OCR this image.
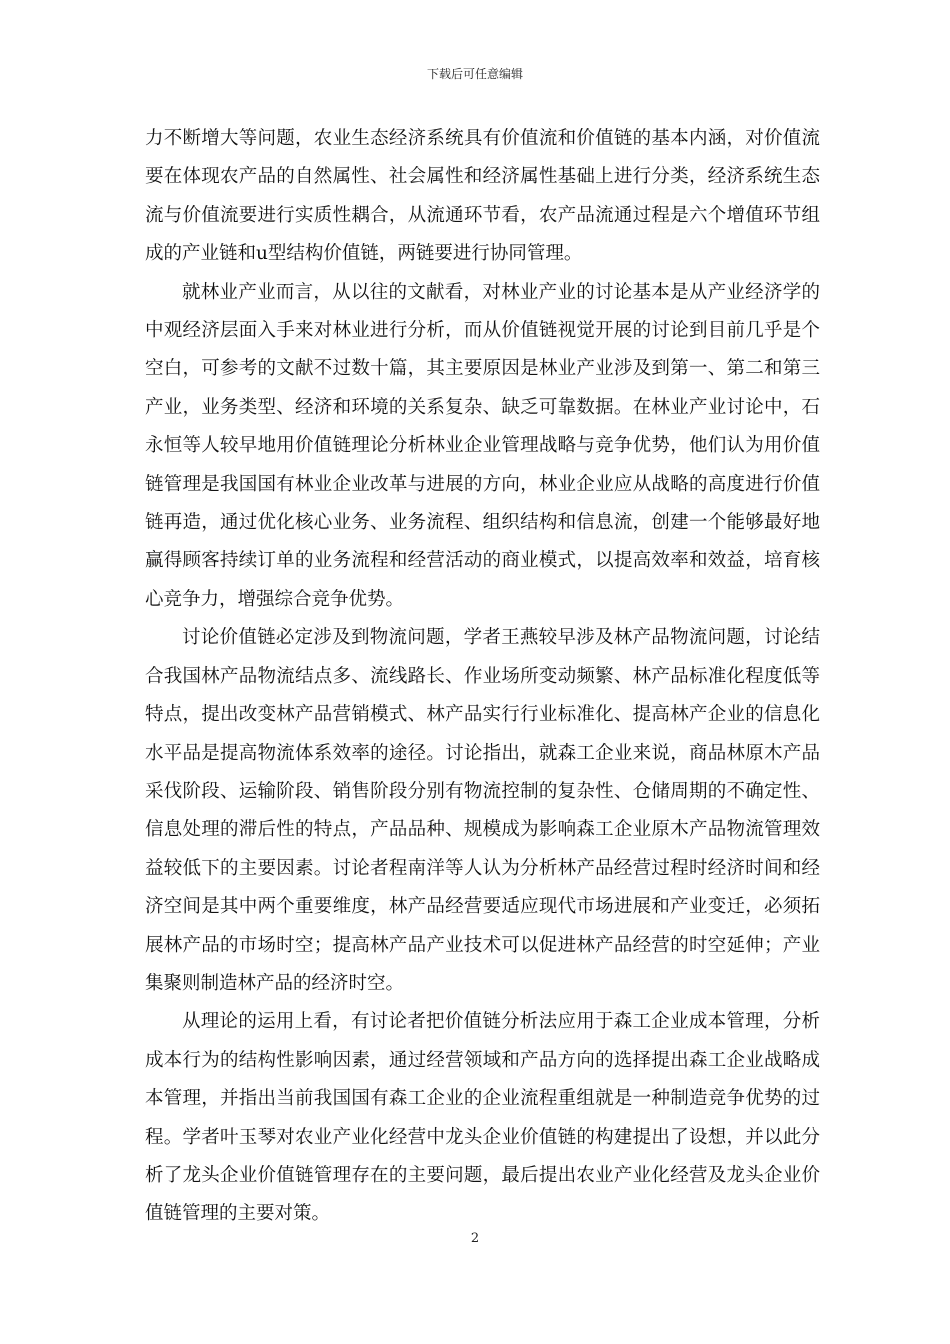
下载后可任意编辑

力不断增大等问题，农业生态经济系统具有价值流和价值链的基本内涵，对价值流要在体现农产品的自然属性、社会属性和经济属性基础上进行分类，经济系统生态流与价值流要进行实质性耦合，从流通环节看，农产品流通过程是六个增值环节组成的产业链和u型结构价值链，两链要进行协同管理。

就林业产业而言，从以往的文献看，对林业产业的讨论基本是从产业经济学的中观经济层面入手来对林业进行分析，而从价值链视觉开展的讨论到目前几乎是个空白，可参考的文献不过数十篇，其主要原因是林业产业涉及到第一、第二和第三产业，业务类型、经济和环境的关系复杂、缺乏可靠数据。在林业产业讨论中，石永恒等人较早地用价值链理论分析林业企业管理战略与竞争优势，他们认为用价值链管理是我国国有林业企业改革与进展的方向，林业企业应从战略的高度进行价值链再造，通过优化核心业务、业务流程、组织结构和信息流，创建一个能够最好地赢得顾客持续订单的业务流程和经营活动的商业模式，以提高效率和效益，培育核心竞争力，增强综合竞争优势。

讨论价值链必定涉及到物流问题，学者王燕较早涉及林产品物流问题，讨论结合我国林产品物流结点多、流线路长、作业场所变动频繁、林产品标准化程度低等特点，提出改变林产品营销模式、林产品实行行业标准化、提高林产企业的信息化水平品是提高物流体系效率的途径。讨论指出，就森工企业来说，商品林原木产品采伐阶段、运输阶段、销售阶段分别有物流控制的复杂性、仓储周期的不确定性、信息处理的滞后性的特点，产品品种、规模成为影响森工企业原木产品物流管理效益较低下的主要因素。讨论者程南洋等人认为分析林产品经营过程时经济时间和经济空间是其中两个重要维度，林产品经营要适应现代市场进展和产业变迁，必须拓展林产品的市场时空；提高林产品产业技术可以促进林产品经营的时空延伸；产业集聚则制造林产品的经济时空。

从理论的运用上看，有讨论者把价值链分析法应用于森工企业成本管理，分析成本行为的结构性影响因素，通过经营领域和产品方向的选择提出森工企业战略成本管理，并指出当前我国国有森工企业的企业流程重组就是一种制造竞争优势的过程。学者叶玉琴对农业产业化经营中龙头企业价值链的构建提出了设想，并以此分析了龙头企业价值链管理存在的主要问题，最后提出农业产业化经营及龙头企业价值链管理的主要对策。

2
